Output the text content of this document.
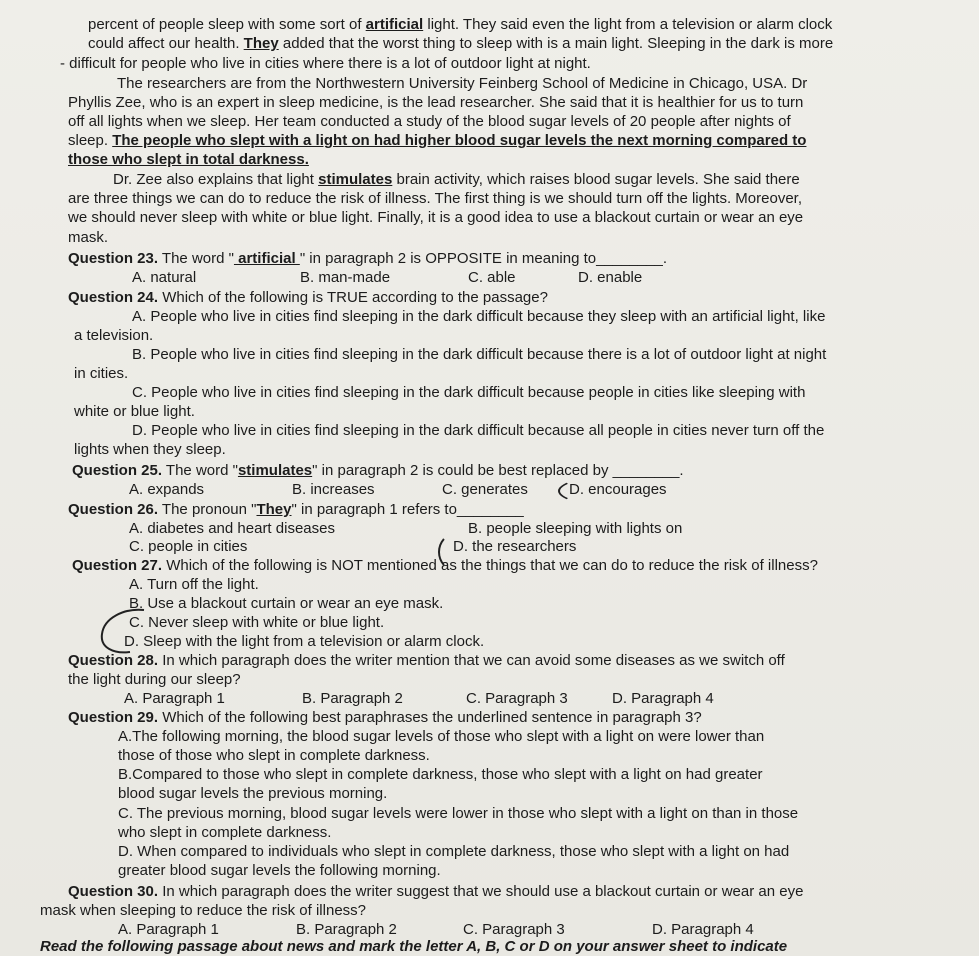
percent of people sleep with some sort of artificial light. They said even the light from a television or alarm clock
could affect our health. They added that the worst thing to sleep with is a main light. Sleeping in the dark is more
- difficult for people who live in cities where there is a lot of outdoor light at night.
The researchers are from the Northwestern University Feinberg School of Medicine in Chicago, USA. Dr
Phyllis Zee, who is an expert in sleep medicine, is the lead researcher. She said that it is healthier for us to turn
off all lights when we sleep. Her team conducted a study of the blood sugar levels of 20 people after nights of
sleep. The people who slept with a light on had higher blood sugar levels the next morning compared to
those who slept in total darkness.
Dr. Zee also explains that light stimulates brain activity, which raises blood sugar levels. She said there
are three things we can do to reduce the risk of illness. The first thing is we should turn off the lights. Moreover,
we should never sleep with white or blue light. Finally, it is a good idea to use a blackout curtain or wear an eye
mask.
Question 23. The word " artificial " in paragraph 2 is OPPOSITE in meaning to________.
A. natural	B. man-made	C. able	D. enable
Question 24. Which of the following is TRUE according to the passage?
A. People who live in cities find sleeping in the dark difficult because they sleep with an artificial light, like
a television.
B. People who live in cities find sleeping in the dark difficult because there is a lot of outdoor light at night
in cities.
C. People who live in cities find sleeping in the dark difficult because people in cities like sleeping with
white or blue light.
D. People who live in cities find sleeping in the dark difficult because all people in cities never turn off the
lights when they sleep.
Question 25. The word "stimulates" in paragraph 2 is could be best replaced by ________.
A. expands	B. increases	C. generates	D. encourages
Question 26. The pronoun "They" in paragraph 1 refers to________
A. diabetes and heart diseases	B. people sleeping with lights on
C. people in cities	D. the researchers
Question 27. Which of the following is NOT mentioned as the things that we can do to reduce the risk of illness?
A. Turn off the light.
B. Use a blackout curtain or wear an eye mask.
C. Never sleep with white or blue light.
D. Sleep with the light from a television or alarm clock.
Question 28. In which paragraph does the writer mention that we can avoid some diseases as we switch off
the light during our sleep?
A. Paragraph 1	B. Paragraph 2	C. Paragraph 3	D. Paragraph 4
Question 29. Which of the following best paraphrases the underlined sentence in paragraph 3?
A.The following morning, the blood sugar levels of those who slept with a light on were lower than
those of those who slept in complete darkness.
B.Compared to those who slept in complete darkness, those who slept with a light on had greater
blood sugar levels the previous morning.
C. The previous morning, blood sugar levels were lower in those who slept with a light on than in those
who slept in complete darkness.
D. When compared to individuals who slept in complete darkness, those who slept with a light on had
greater blood sugar levels the following morning.
Question 30. In which paragraph does the writer suggest that we should use a blackout curtain or wear an eye
mask when sleeping to reduce the risk of illness?
A. Paragraph 1	B. Paragraph 2	C. Paragraph 3	D. Paragraph 4
Read the following passage about news and mark the letter A, B, C or D on your answer sheet to indicate
